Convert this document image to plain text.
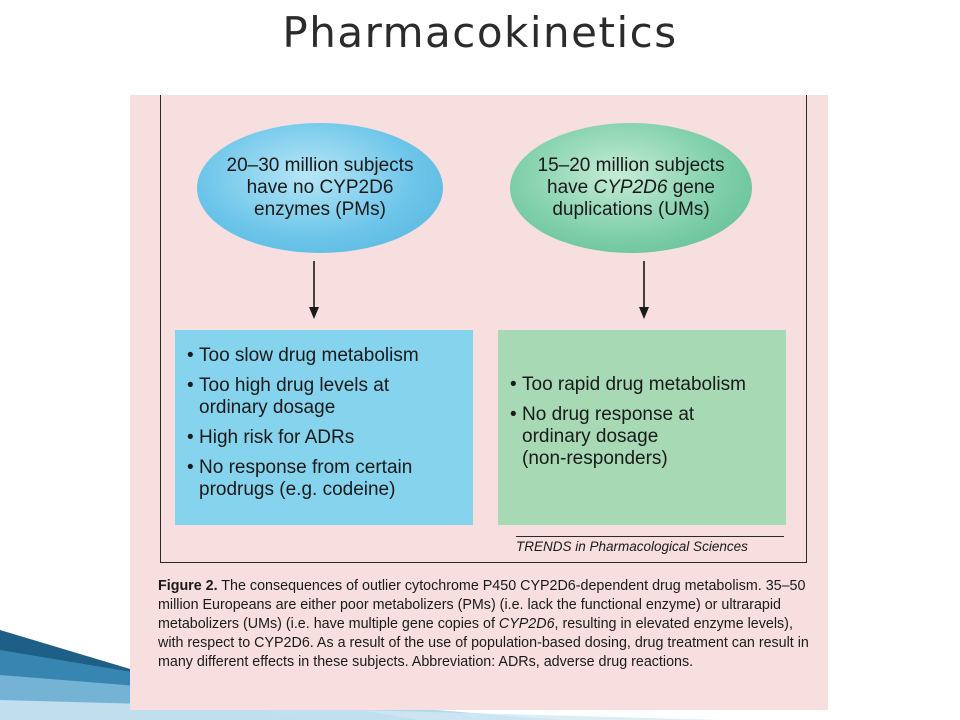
Pharmacokinetics
20–30 million subjects
have no CYP2D6
enzymes (PMs)
15–20 million subjects
have CYP2D6 gene
duplications (UMs)
• Too slow drug metabolism
• Too high drug levels at
ordinary dosage
• High risk for ADRs
• No response from certain
prodrugs (e.g. codeine)
• Too rapid drug metabolism
• No drug response at
ordinary dosage
(non-responders)
TRENDS in Pharmacological Sciences
Figure 2. The consequences of outlier cytochrome P450 CYP2D6-dependent drug metabolism. 35–50 million Europeans are either poor metabolizers (PMs) (i.e. lack the functional enzyme) or ultrarapid metabolizers (UMs) (i.e. have multiple gene copies of CYP2D6, resulting in elevated enzyme levels), with respect to CYP2D6. As a result of the use of population-based dosing, drug treatment can result in many different effects in these subjects. Abbreviation: ADRs, adverse drug reactions.
